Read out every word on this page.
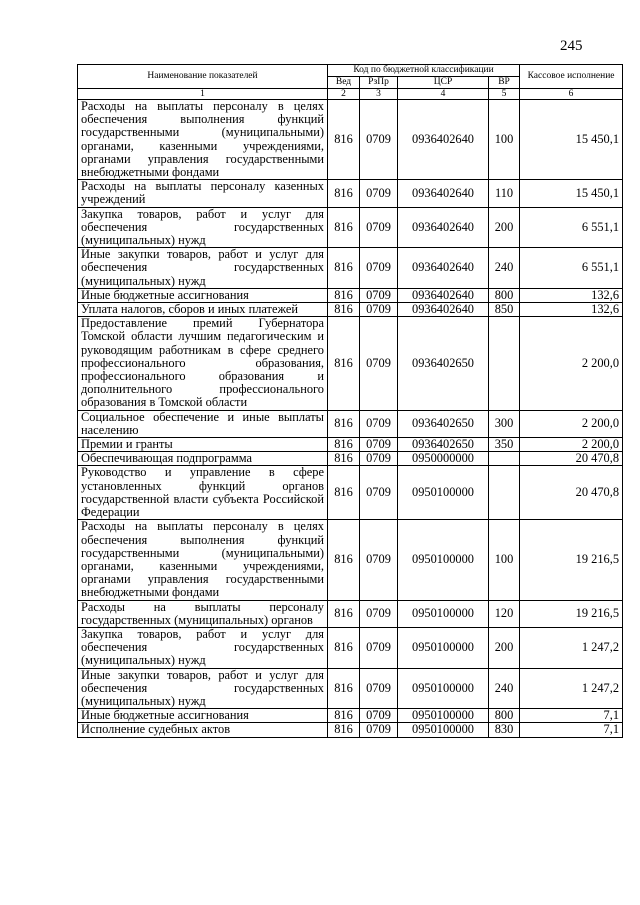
245
Наименование показателей	Код по бюджетной классификации				Кассовое исполнение
	Вед	РзПр	ЦСР	ВР	
1	2	3	4	5	6
Расходы на выплаты персоналу в целях обеспечения выполнения функций государственными (муниципальными) органами, казенными учреждениями, органами управления государственными внебюджетными фондами	816	0709	0936402640	100	15 450,1
Расходы на выплаты персоналу казенных учреждений	816	0709	0936402640	110	15 450,1
Закупка товаров, работ и услуг для обеспечения государственных (муниципальных) нужд	816	0709	0936402640	200	6 551,1
Иные закупки товаров, работ и услуг для обеспечения государственных (муниципальных) нужд	816	0709	0936402640	240	6 551,1
Иные бюджетные ассигнования	816	0709	0936402640	800	132,6
Уплата налогов, сборов и иных платежей	816	0709	0936402640	850	132,6
Предоставление премий Губернатора Томской области лучшим педагогическим и руководящим работникам в сфере среднего профессионального образования, профессионального образования и дополнительного профессионального образования в Томской области	816	0709	0936402650		2 200,0
Социальное обеспечение и иные выплаты населению	816	0709	0936402650	300	2 200,0
Премии и гранты	816	0709	0936402650	350	2 200,0
Обеспечивающая подпрограмма	816	0709	0950000000		20 470,8
Руководство и управление в сфере установленных функций органов государственной власти субъекта Российской Федерации	816	0709	0950100000		20 470,8
Расходы на выплаты персоналу в целях обеспечения выполнения функций государственными (муниципальными) органами, казенными учреждениями, органами управления государственными внебюджетными фондами	816	0709	0950100000	100	19 216,5
Расходы на выплаты персоналу государственных (муниципальных) органов	816	0709	0950100000	120	19 216,5
Закупка товаров, работ и услуг для обеспечения государственных (муниципальных) нужд	816	0709	0950100000	200	1 247,2
Иные закупки товаров, работ и услуг для обеспечения государственных (муниципальных) нужд	816	0709	0950100000	240	1 247,2
Иные бюджетные ассигнования	816	0709	0950100000	800	7,1
Исполнение судебных актов	816	0709	0950100000	830	7,1
